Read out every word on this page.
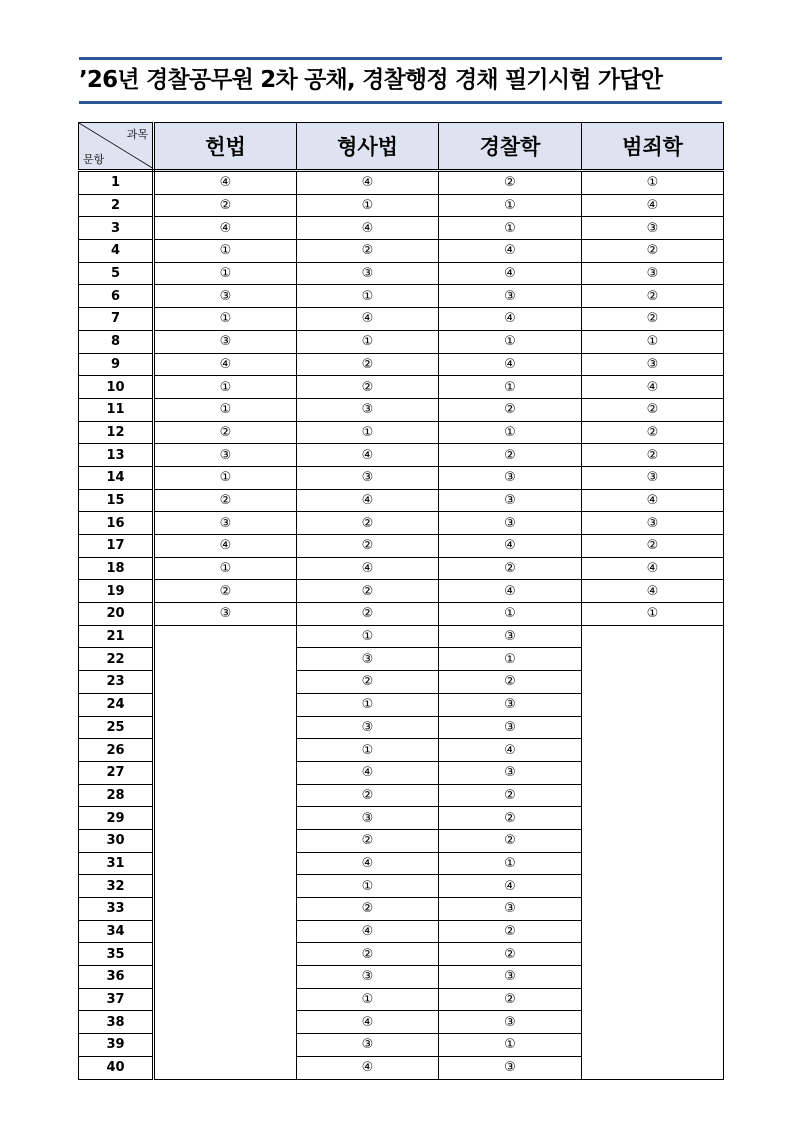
’26년 경찰공무원 2차 공채, 경찰행정 경채 필기시험 가답안
과목
문항	헌법	형사법	경찰학	범죄학
1	④	④	②	①
2	②	①	①	④
3	④	④	①	③
4	①	②	④	②
5	①	③	④	③
6	③	①	③	②
7	①	④	④	②
8	③	①	①	①
9	④	②	④	③
10	①	②	①	④
11	①	③	②	②
12	②	①	①	②
13	③	④	②	②
14	①	③	③	③
15	②	④	③	④
16	③	②	③	③
17	④	②	④	②
18	①	④	②	④
19	②	②	④	④
20	③	②	①	①
21		①	③	
22		③	①	
23		②	②	
24		①	③	
25		③	③	
26		①	④	
27		④	③	
28		②	②	
29		③	②	
30		②	②	
31		④	①	
32		①	④	
33		②	③	
34		④	②	
35		②	②	
36		③	③	
37		①	②	
38		④	③	
39		③	①	
40		④	③	
